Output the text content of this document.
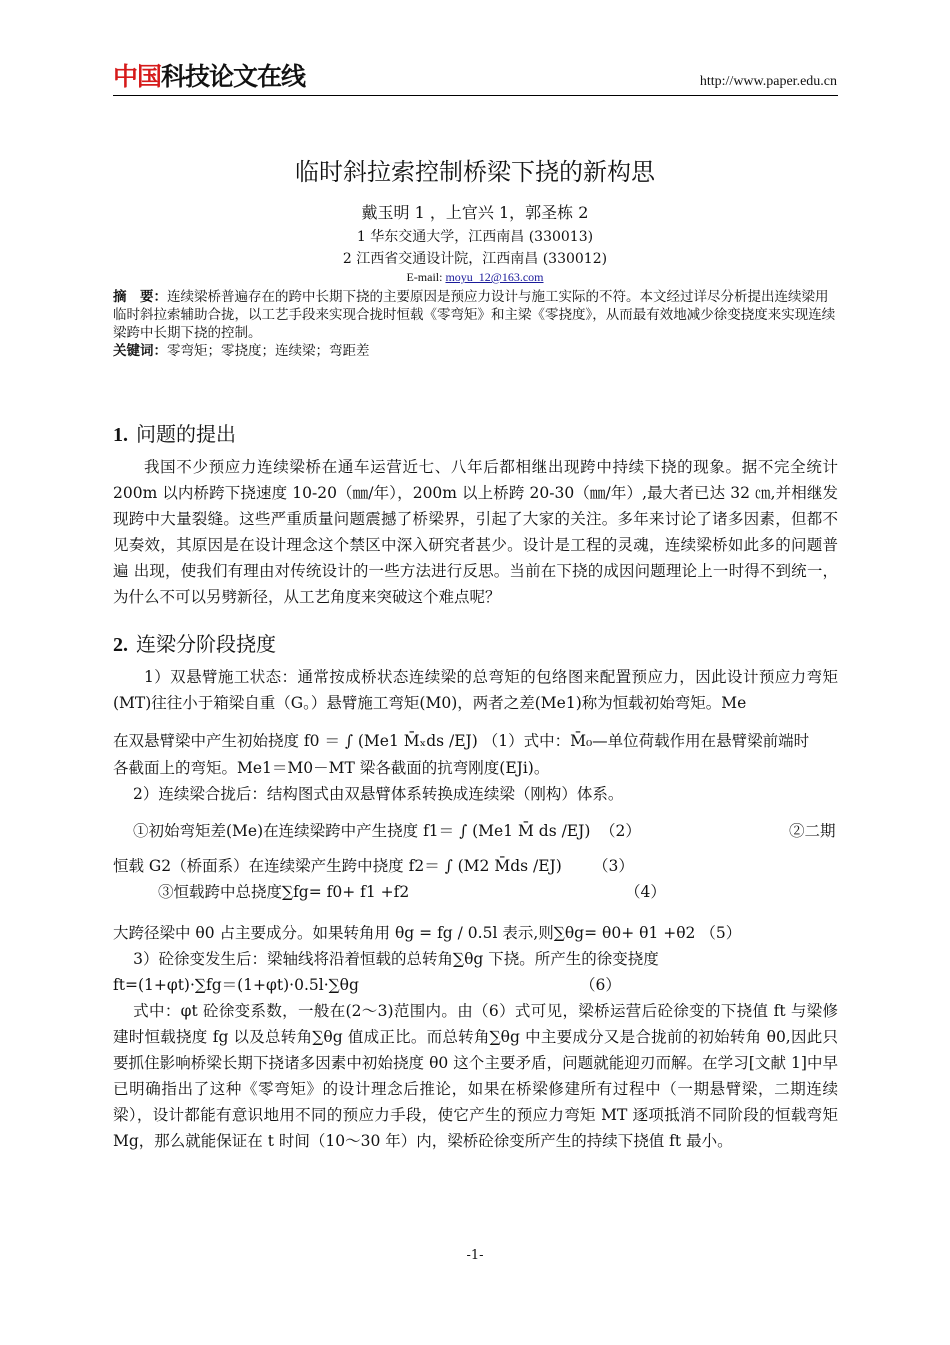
中国科技论文在线	http://www.paper.edu.cn
临时斜拉索控制桥梁下挠的新构思
戴玉明 1 ，上官兴 1，郭圣栋 2
1 华东交通大学，江西南昌 (330013)
2 江西省交通设计院，江西南昌 (330012)
E-mail: moyu_12@163.com
摘　要：连续梁桥普遍存在的跨中长期下挠的主要原因是预应力设计与施工实际的不符。本文经过详尽分析提出连续梁用临时斜拉索辅助合拢，以工艺手段来实现合拢时恒载《零弯矩》和主梁《零挠度》，从而最有效地减少徐变挠度来实现连续梁跨中长期下挠的控制。
关键词：零弯矩；零挠度；连续梁；弯距差
1. 问题的提出
我国不少预应力连续梁桥在通车运营近七、八年后都相继出现跨中持续下挠的现象。据不完全统计 200m 以内桥跨下挠速度 10-20（㎜/年），200m 以上桥跨 20-30（㎜/年）,最大者已达 32 ㎝,并相继发现跨中大量裂缝。这些严重质量问题震撼了桥梁界，引起了大家的关注。多年来讨论了诸多因素，但都不见奏效，其原因是在设计理念这个禁区中深入研究者甚少。设计是工程的灵魂，连续梁桥如此多的问题普遍 出现，使我们有理由对传统设计的一些方法进行反思。当前在下挠的成因问题理论上一时得不到统一，为什么不可以另劈新径，从工艺角度来突破这个难点呢？
2. 连梁分阶段挠度
1）双悬臂施工状态：通常按成桥状态连续梁的总弯矩的包络图来配置预应力，因此设计预应力弯矩(MT)往往小于箱梁自重（G。）悬臂施工弯矩(M0)，两者之差(Me1)称为恒载初始弯矩。Me
在双悬臂梁中产生初始挠度 f0 ＝ ∫ (Me1 M̄ₓds /EJ) （1）式中：M̄₀—单位荷载作用在悬臂梁前端时
各截面上的弯矩。Me1＝M0－MT 梁各截面的抗弯刚度(EJi)。
2）连续梁合拢后：结构图式由双悬臂体系转换成连续梁（刚构）体系。
①初始弯矩差(Me)在连续梁跨中产生挠度 f1＝ ∫ (Me1 M̄ ds /EJ) （2）	②二期
恒载 G2（桥面系）在连续梁产生跨中挠度 f2＝ ∫ (M2 M̄ds /EJ) （3）
③恒载跨中总挠度∑fg= f0+ f1 +f2	（4）
大跨径梁中 θ0 占主要成分。如果转角用 θg = fg / 0.5l 表示,则∑θg= θ0+ θ1 +θ2 （5）
3）砼徐变发生后：梁轴线将沿着恒载的总转角∑θg 下挠。所产生的徐变挠度
ft=(1+φt)·∑fg＝(1+φt)·0.5l·∑θg	（6）
式中：φt 砼徐变系数，一般在(2～3)范围内。由（6）式可见，梁桥运营后砼徐变的下挠值 ft 与梁修建时恒载挠度 fg 以及总转角∑θg 值成正比。而总转角∑θg 中主要成分又是合拢前的初始转角 θ0,因此只要抓住影响桥梁长期下挠诸多因素中初始挠度 θ0 这个主要矛盾，问题就能迎刃而解。在学习[文献 1]中早已明确指出了这种《零弯矩》的设计理念后推论，如果在桥梁修建所有过程中（一期悬臂梁，二期连续梁），设计都能有意识地用不同的预应力手段，使它产生的预应力弯矩 MT 逐项抵消不同阶段的恒载弯矩 Mg，那么就能保证在 t 时间（10～30 年）内，梁桥砼徐变所产生的持续下挠值 ft 最小。
-1-
